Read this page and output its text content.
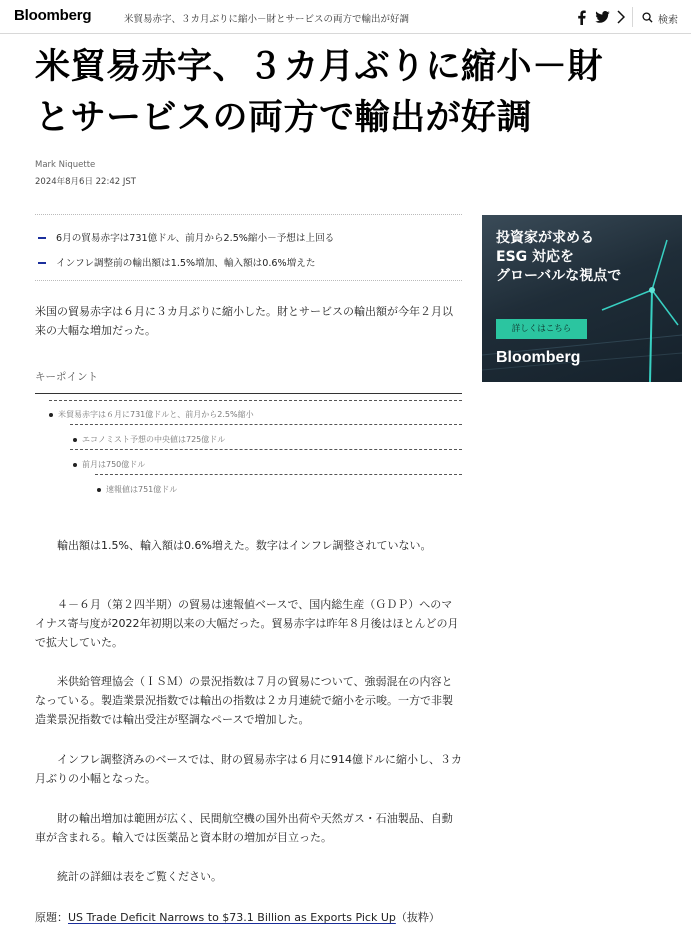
Bloomberg	米貿易赤字、３カ月ぶりに縮小－財とサービスの両方で輸出が好調	検索
米貿易赤字、３カ月ぶりに縮小－財
とサービスの両方で輸出が好調
Mark Niquette
2024年8月6日 22:42 JST
6月の貿易赤字は731億ドル、前月から2.5%縮小－予想は上回る
インフレ調整前の輸出額は1.5%増加、輸入額は0.6%増えた

米国の貿易赤字は６月に３カ月ぶりに縮小した。財とサービスの輸出額が今年２月以来の大幅な増加だった。

キーポイント
米貿易赤字は６月に731億ドルと、前月から2.5%縮小
エコノミスト予想の中央値は725億ドル
前月は750億ドル
速報値は751億ドル

輸出額は1.5%、輸入額は0.6%増えた。数字はインフレ調整されていない。

４－６月（第２四半期）の貿易は速報値ベースで、国内総生産（ＧＤＰ）へのマイナス寄与度が2022年初期以来の大幅だった。貿易赤字は昨年８月後はほとんどの月で拡大していた。

米供給管理協会（ＩＳＭ）の景況指数は７月の貿易について、強弱混在の内容となっている。製造業景況指数では輸出の指数は２カ月連続で縮小を示唆。一方で非製造業景況指数では輸出受注が堅調なペースで増加した。

インフレ調整済みのベースでは、財の貿易赤字は６月に914億ドルに縮小し、３カ月ぶりの小幅となった。

財の輸出増加は範囲が広く、民間航空機の国外出荷や天然ガス・石油製品、自動車が含まれる。輸入では医薬品と資本財の増加が目立った。

統計の詳細は表をご覧ください。

原題：US Trade Deficit Narrows to $73.1 Billion as Exports Pick Up（抜粋）
投資家が求める
ESG 対応を
グローバルな視点で
詳しくはこちら
Bloomberg
